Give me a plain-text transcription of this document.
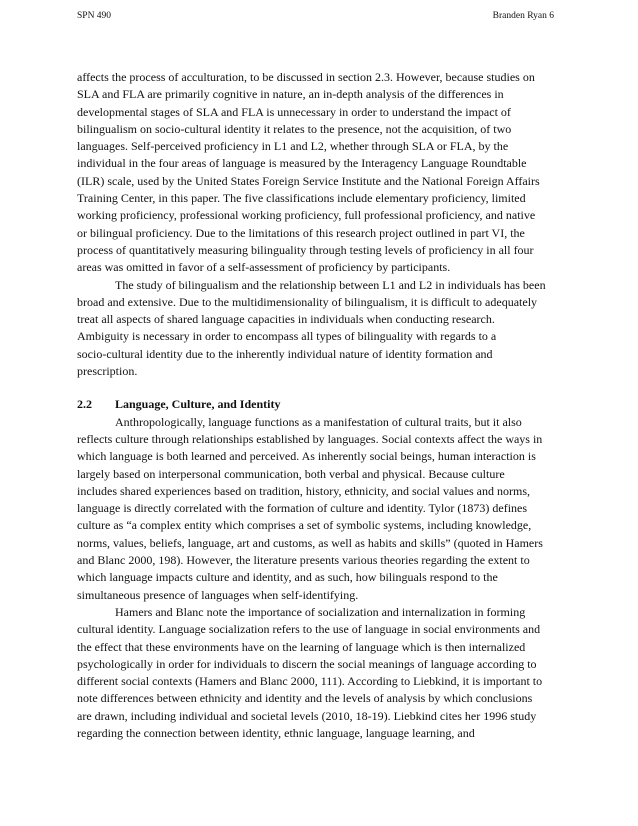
SPN 490	Branden Ryan 6
affects the process of acculturation, to be discussed in section 2.3. However, because studies on
SLA and FLA are primarily cognitive in nature, an in-depth analysis of the differences in
developmental stages of SLA and FLA is unnecessary in order to understand the impact of
bilingualism on socio-cultural identity it relates to the presence, not the acquisition, of two
languages. Self-perceived proficiency in L1 and L2, whether through SLA or FLA, by the
individual in the four areas of language is measured by the Interagency Language Roundtable
(ILR) scale, used by the United States Foreign Service Institute and the National Foreign Affairs
Training Center, in this paper. The five classifications include elementary proficiency, limited
working proficiency, professional working proficiency, full professional proficiency, and native
or bilingual proficiency. Due to the limitations of this research project outlined in part VI, the
process of quantitatively measuring bilinguality through testing levels of proficiency in all four
areas was omitted in favor of a self-assessment of proficiency by participants.
The study of bilingualism and the relationship between L1 and L2 in individuals has been
broad and extensive. Due to the multidimensionality of bilingualism, it is difficult to adequately
treat all aspects of shared language capacities in individuals when conducting research.
Ambiguity is necessary in order to encompass all types of bilinguality with regards to a
socio-cultural identity due to the inherently individual nature of identity formation and
prescription.
2.2 Language, Culture, and Identity
Anthropologically, language functions as a manifestation of cultural traits, but it also
reflects culture through relationships established by languages. Social contexts affect the ways in
which language is both learned and perceived. As inherently social beings, human interaction is
largely based on interpersonal communication, both verbal and physical. Because culture
includes shared experiences based on tradition, history, ethnicity, and social values and norms,
language is directly correlated with the formation of culture and identity. Tylor (1873) defines
culture as “a complex entity which comprises a set of symbolic systems, including knowledge,
norms, values, beliefs, language, art and customs, as well as habits and skills” (quoted in Hamers
and Blanc 2000, 198). However, the literature presents various theories regarding the extent to
which language impacts culture and identity, and as such, how bilinguals respond to the
simultaneous presence of languages when self-identifying.
Hamers and Blanc note the importance of socialization and internalization in forming
cultural identity. Language socialization refers to the use of language in social environments and
the effect that these environments have on the learning of language which is then internalized
psychologically in order for individuals to discern the social meanings of language according to
different social contexts (Hamers and Blanc 2000, 111). According to Liebkind, it is important to
note differences between ethnicity and identity and the levels of analysis by which conclusions
are drawn, including individual and societal levels (2010, 18-19). Liebkind cites her 1996 study
regarding the connection between identity, ethnic language, language learning, and
